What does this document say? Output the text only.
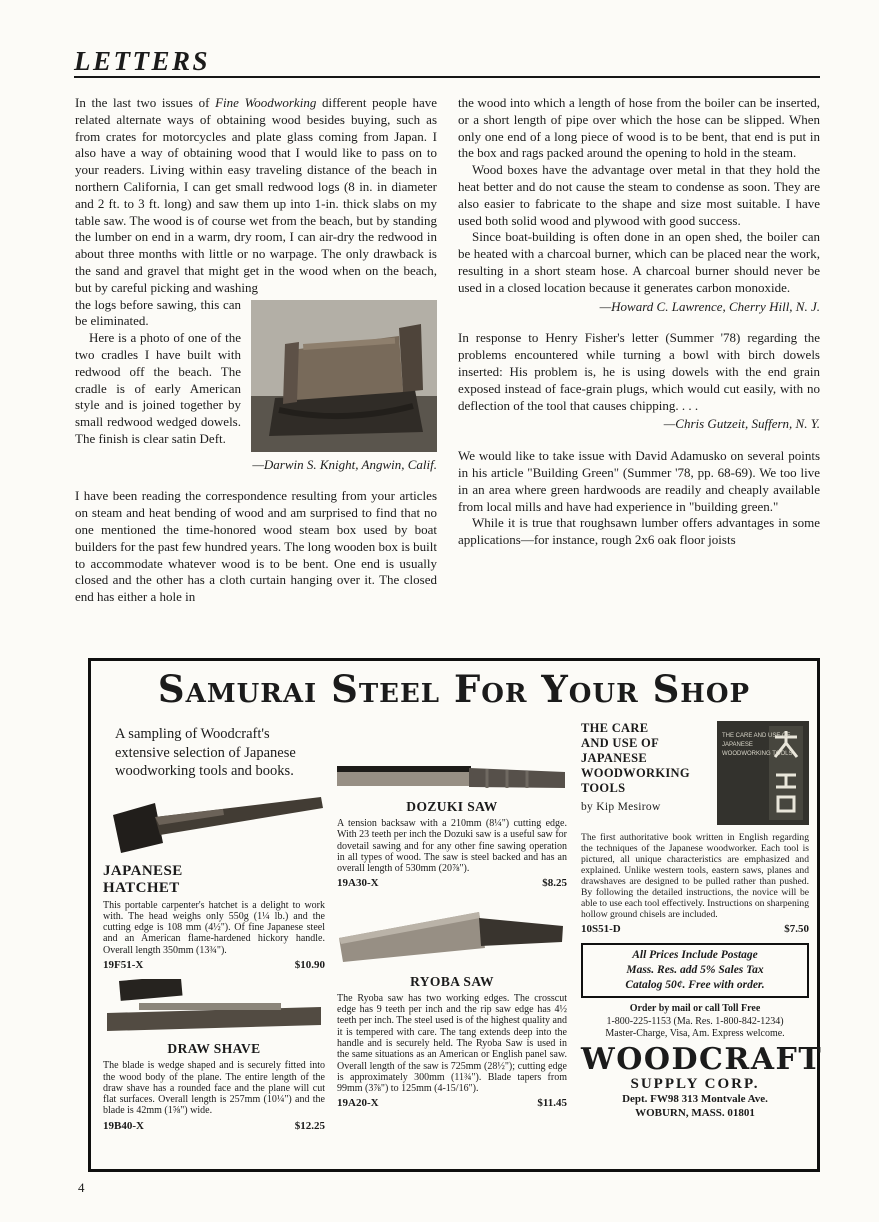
LETTERS

In the last two issues of Fine Woodworking different people have related alternate ways of obtaining wood besides buying, such as from crates for motorcycles and plate glass coming from Japan. I also have a way of obtaining wood that I would like to pass on to your readers. Living within easy traveling distance of the beach in northern California, I can get small redwood logs (8 in. in diameter and 2 ft. to 3 ft. long) and saw them up into 1-in. thick slabs on my table saw. The wood is of course wet from the beach, but by standing the lumber on end in a warm, dry room, I can air-dry the redwood in about three months with little or no warpage. The only drawback is the sand and gravel that might get in the wood when on the beach, but by careful picking and washing

the logs before sawing, this can be eliminated.

Here is a photo of one of the two cradles I have built with redwood off the beach. The cradle is of early American style and is joined together by small redwood wedged dowels. The finish is clear satin Deft.

—Darwin S. Knight, Angwin, Calif.

I have been reading the correspondence resulting from your articles on steam and heat bending of wood and am surprised to find that no one mentioned the time-honored wood steam box used by boat builders for the past few hundred years. The long wooden box is built to accommodate whatever wood is to be bent. One end is usually closed and the other has a cloth curtain hanging over it. The closed end has either a hole in

the wood into which a length of hose from the boiler can be inserted, or a short length of pipe over which the hose can be slipped. When only one end of a long piece of wood is to be bent, that end is put in the box and rags packed around the opening to hold in the steam.

Wood boxes have the advantage over metal in that they hold the heat better and do not cause the steam to condense as soon. They are also easier to fabricate to the shape and size most suitable. I have used both solid wood and plywood with good success.

Since boat-building is often done in an open shed, the boiler can be heated with a charcoal burner, which can be placed near the work, resulting in a short steam hose. A charcoal burner should never be used in a closed location because it generates carbon monoxide.

—Howard C. Lawrence, Cherry Hill, N. J.

In response to Henry Fisher's letter (Summer '78) regarding the problems encountered while turning a bowl with birch dowels inserted: His problem is, he is using dowels with the end grain exposed instead of face-grain plugs, which would cut easily, with no deflection of the tool that causes chipping. . . .

—Chris Gutzeit, Suffern, N. Y.

We would like to take issue with David Adamusko on several points in his article "Building Green" (Summer '78, pp. 68-69). We too live in an area where green hardwoods are readily and cheaply available from local mills and have had experience in "building green."

While it is true that roughsawn lumber offers advantages in some applications—for instance, rough 2x6 oak floor joists

Samurai Steel For Your Shop
A sampling of Woodcraft's extensive selection of Japanese woodworking tools and books.
JAPANESE
HATCHET

This portable carpenter's hatchet is a delight to work with. The head weighs only 550g (1¼ lb.) and the cutting edge is 108 mm (4½"). Of fine Japanese steel and an American flame-hardened hickory handle. Overall length 350mm (13¾").

19F51-X	$10.90
DRAW SHAVE

The blade is wedge shaped and is securely fitted into the wood body of the plane. The entire length of the draw shave has a rounded face and the plane will cut flat surfaces. Overall length is 257mm (10¼") and the blade is 42mm (1⅝") wide.

19B40-X	$12.25
DOZUKI SAW

A tension backsaw with a 210mm (8¼") cutting edge. With 23 teeth per inch the Dozuki saw is a useful saw for dovetail sawing and for any other fine sawing operation in all types of wood. The saw is steel backed and has an overall length of 530mm (20⅞").

19A30-X	$8.25
RYOBA SAW

The Ryoba saw has two working edges. The crosscut edge has 9 teeth per inch and the rip saw edge has 4½ teeth per inch. The steel used is of the highest quality and it is tempered with care. The tang extends deep into the handle and is securely held. The Ryoba Saw is used in the same situations as an American or English panel saw. Overall length of the saw is 725mm (28½"); cutting edge is approximately 300mm (11¾"). Blade tapers from 99mm (3⅞") to 125mm (4-15/16").

19A20-X	$11.45
THE CARE
AND USE OF
JAPANESE
WOODWORKING
TOOLS
by Kip Mesirow
THE CARE AND USE OF
JAPANESE
WOODWORKING TOOLS

The first authoritative book written in English regarding the techniques of the Japanese woodworker. Each tool is pictured, all unique characteristics are emphasized and explained. Unlike western tools, eastern saws, planes and drawshaves are designed to be pulled rather than pushed. By following the detailed instructions, the novice will be able to use each tool effectively. Instructions on sharpening hollow ground chisels are included.

10S51-D	$7.50
All Prices Include Postage
Mass. Res. add 5% Sales Tax
Catalog 50¢. Free with order.
Order by mail or call Toll Free
1-800-225-1153 (Ma. Res. 1-800-842-1234)
Master-Charge, Visa, Am. Express welcome.
WOODCRAFT
SUPPLY CORP.
Dept. FW98 313 Montvale Ave.
WOBURN, MASS. 01801
4
